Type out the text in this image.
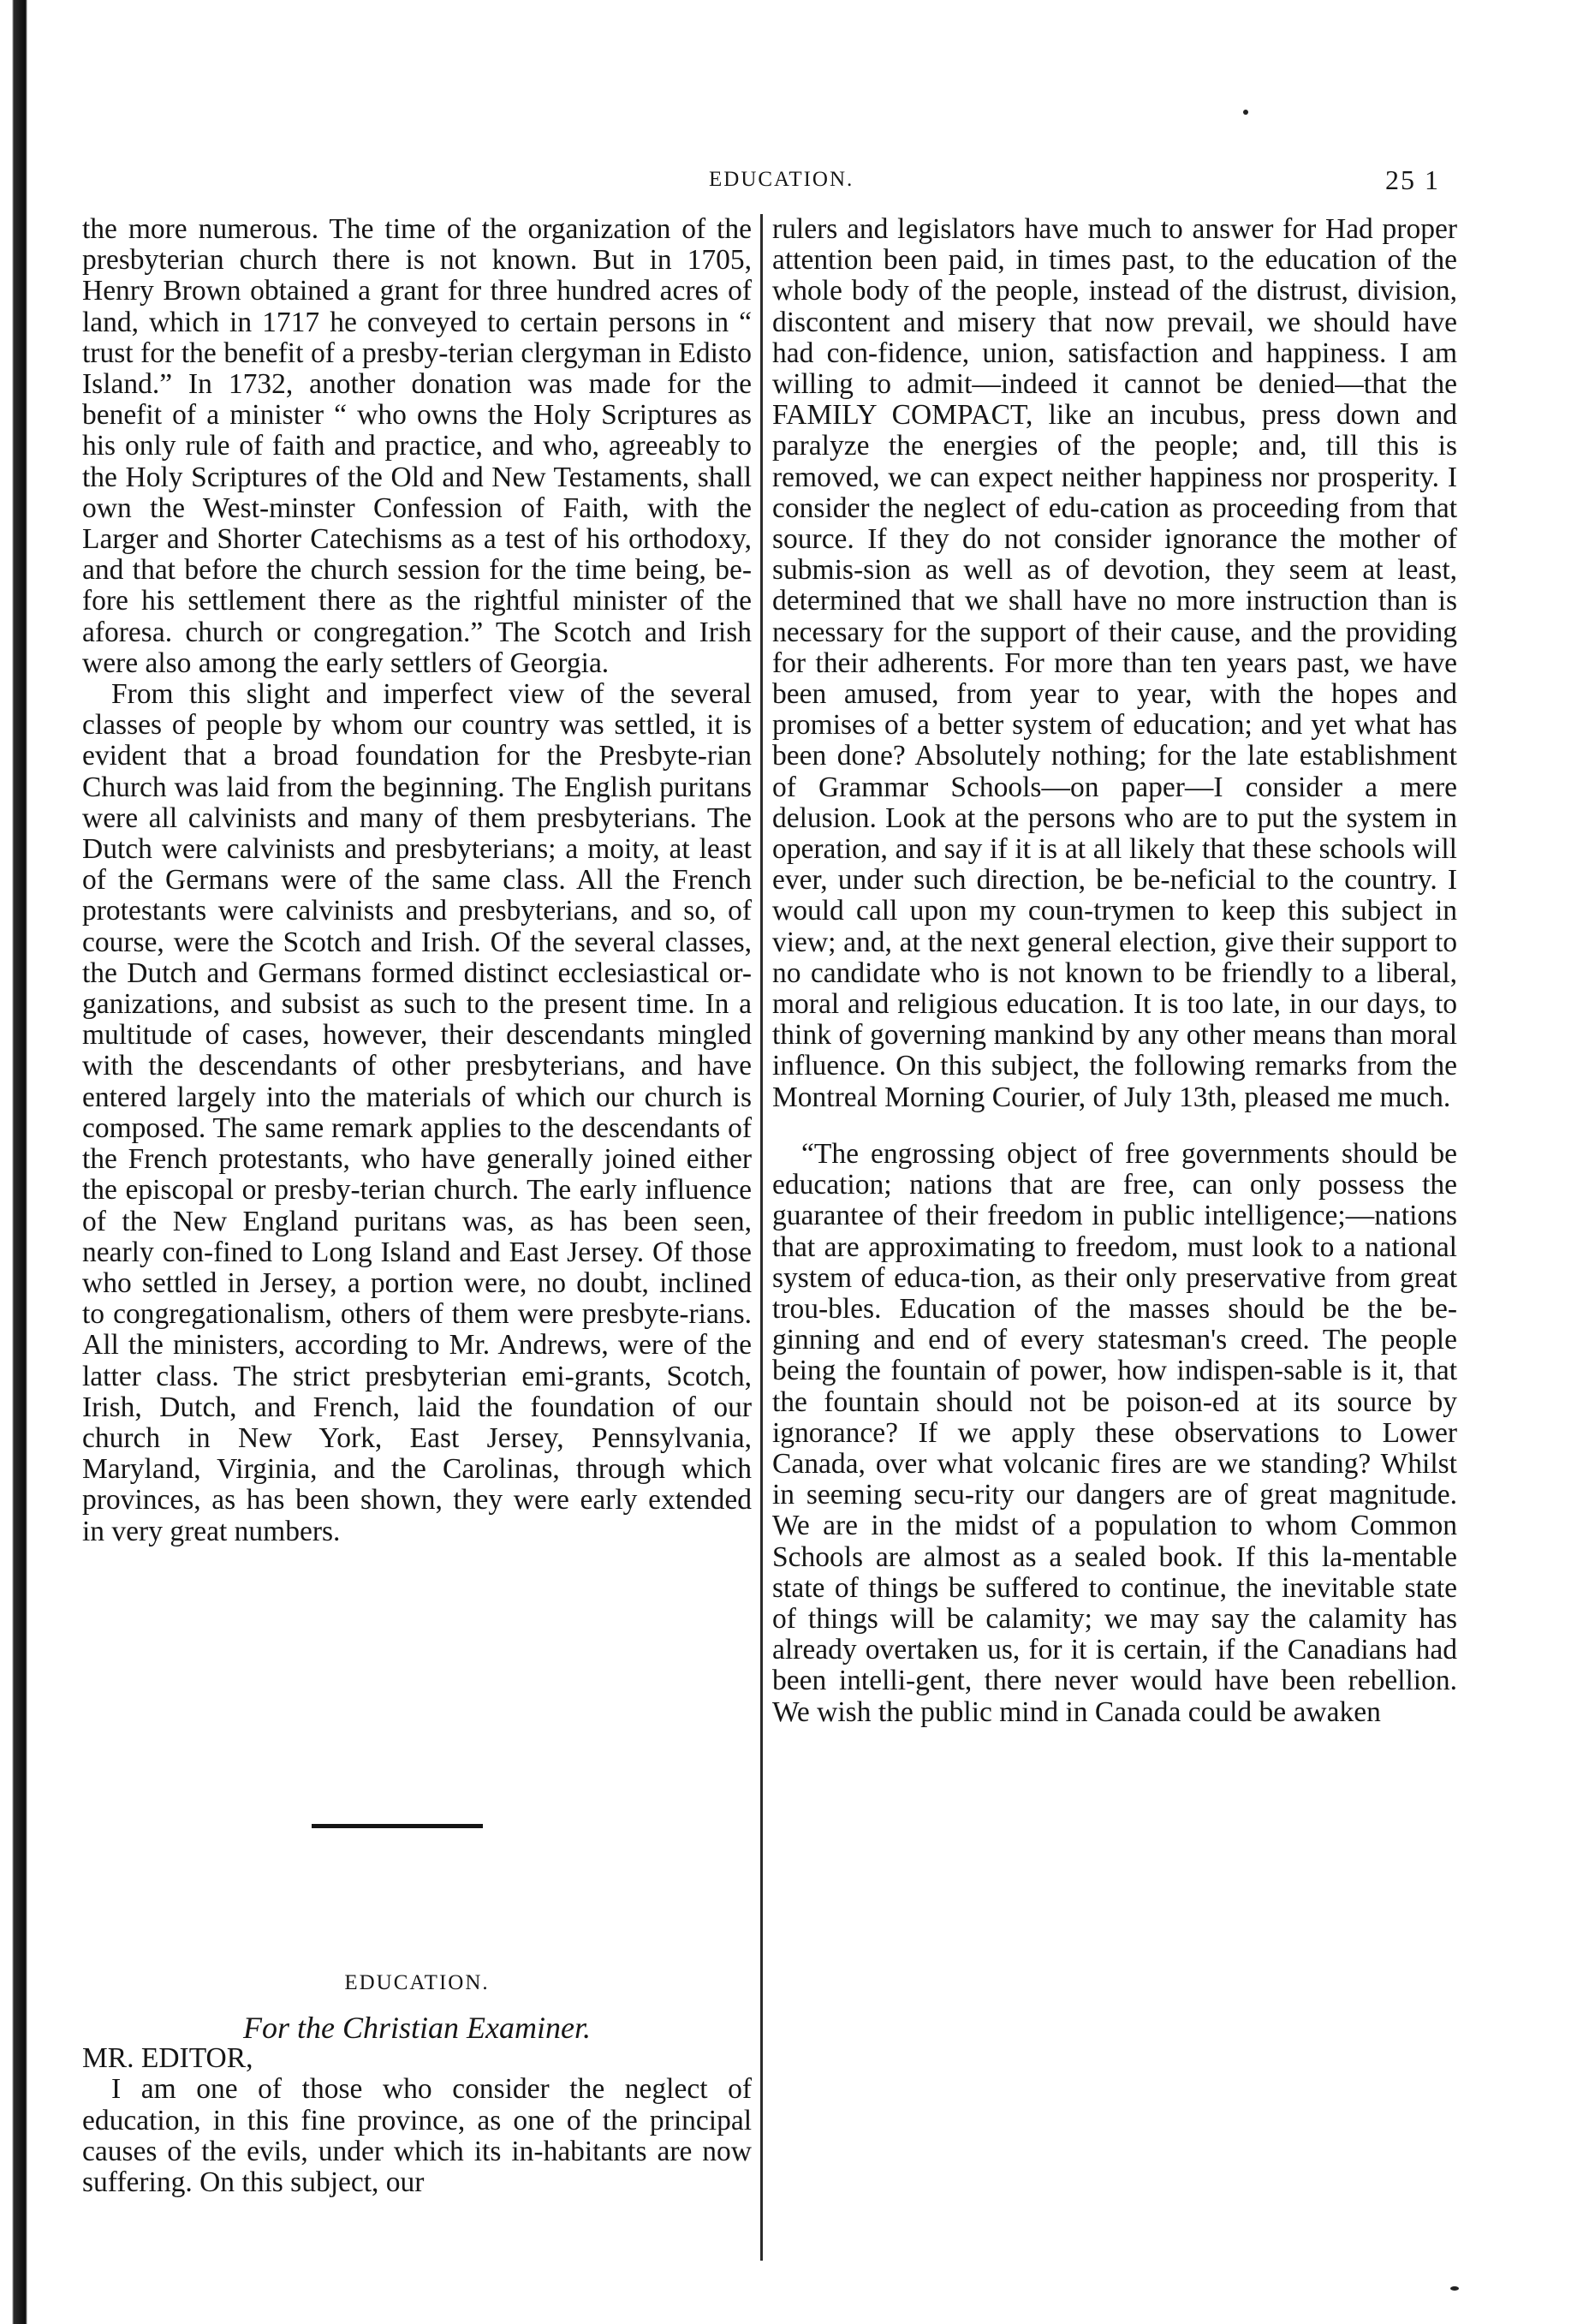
EDUCATION.	25 1

the more numerous. The time of the organization of the presbyterian church there is not known. But in 1705, Henry Brown obtained a grant for three hundred acres of land, which in 1717 he conveyed to certain persons in “ trust for the benefit of a presby-terian clergyman in Edisto Island.” In 1732, another donation was made for the benefit of a minister “ who owns the Holy Scriptures as his only rule of faith and practice, and who, agreeably to the Holy Scriptures of the Old and New Testaments, shall own the West-minster Confession of Faith, with the Larger and Shorter Catechisms as a test of his orthodoxy, and that before the church session for the time being, be-fore his settlement there as the rightful minister of the aforesa. church or congregation.” The Scotch and Irish were also among the early settlers of Georgia.

From this slight and imperfect view of the several classes of people by whom our country was settled, it is evident that a broad foundation for the Presbyte-rian Church was laid from the beginning. The English puritans were all calvinists and many of them presbyterians. The Dutch were calvinists and presbyterians; a moity, at least of the Germans were of the same class. All the French protestants were calvinists and presbyterians, and so, of course, were the Scotch and Irish. Of the several classes, the Dutch and Germans formed distinct ecclesiastical or-ganizations, and subsist as such to the present time. In a multitude of cases, however, their descendants mingled with the descendants of other presbyterians, and have entered largely into the materials of which our church is composed. The same remark applies to the descendants of the French protestants, who have generally joined either the episcopal or presby-terian church. The early influence of the New England puritans was, as has been seen, nearly con-fined to Long Island and East Jersey. Of those who settled in Jersey, a portion were, no doubt, inclined to congregationalism, others of them were presbyte-rians. All the ministers, according to Mr. Andrews, were of the latter class. The strict presbyterian emi-grants, Scotch, Irish, Dutch, and French, laid the foundation of our church in New York, East Jersey, Pennsylvania, Maryland, Virginia, and the Carolinas, through which provinces, as has been shown, they were early extended in very great numbers.

EDUCATION.

For the Christian Examiner.

MR. EDITOR,

I am one of those who consider the neglect of education, in this fine province, as one of the principal causes of the evils, under which its in-habitants are now suffering. On this subject, our

rulers and legislators have much to answer for Had proper attention been paid, in times past, to the education of the whole body of the people, instead of the distrust, division, discontent and misery that now prevail, we should have had con-fidence, union, satisfaction and happiness. I am willing to admit—indeed it cannot be denied—that the FAMILY COMPACT, like an incubus, press down and paralyze the energies of the people; and, till this is removed, we can expect neither happiness nor prosperity. I consider the neglect of edu-cation as proceeding from that source. If they do not consider ignorance the mother of submis-sion as well as of devotion, they seem at least, determined that we shall have no more instruction than is necessary for the support of their cause, and the providing for their adherents. For more than ten years past, we have been amused, from year to year, with the hopes and promises of a better system of education; and yet what has been done? Absolutely nothing; for the late establishment of Grammar Schools—on paper—I consider a mere delusion. Look at the persons who are to put the system in operation, and say if it is at all likely that these schools will ever, under such direction, be be-neficial to the country. I would call upon my coun-trymen to keep this subject in view; and, at the next general election, give their support to no candidate who is not known to be friendly to a liberal, moral and religious education. It is too late, in our days, to think of governing mankind by any other means than moral influence. On this subject, the following remarks from the Montreal Morning Courier, of July 13th, pleased me much.

“The engrossing object of free governments should be education; nations that are free, can only possess the guarantee of their freedom in public intelligence;—nations that are approximating to freedom, must look to a national system of educa-tion, as their only preservative from great trou-bles. Education of the masses should be the be-ginning and end of every statesman's creed. The people being the fountain of power, how indispen-sable is it, that the fountain should not be poison-ed at its source by ignorance? If we apply these observations to Lower Canada, over what volcanic fires are we standing? Whilst in seeming secu-rity our dangers are of great magnitude. We are in the midst of a population to whom Common Schools are almost as a sealed book. If this la-mentable state of things be suffered to continue, the inevitable state of things will be calamity; we may say the calamity has already overtaken us, for it is certain, if the Canadians had been intelli-gent, there never would have been rebellion. We wish the public mind in Canada could be awaken
